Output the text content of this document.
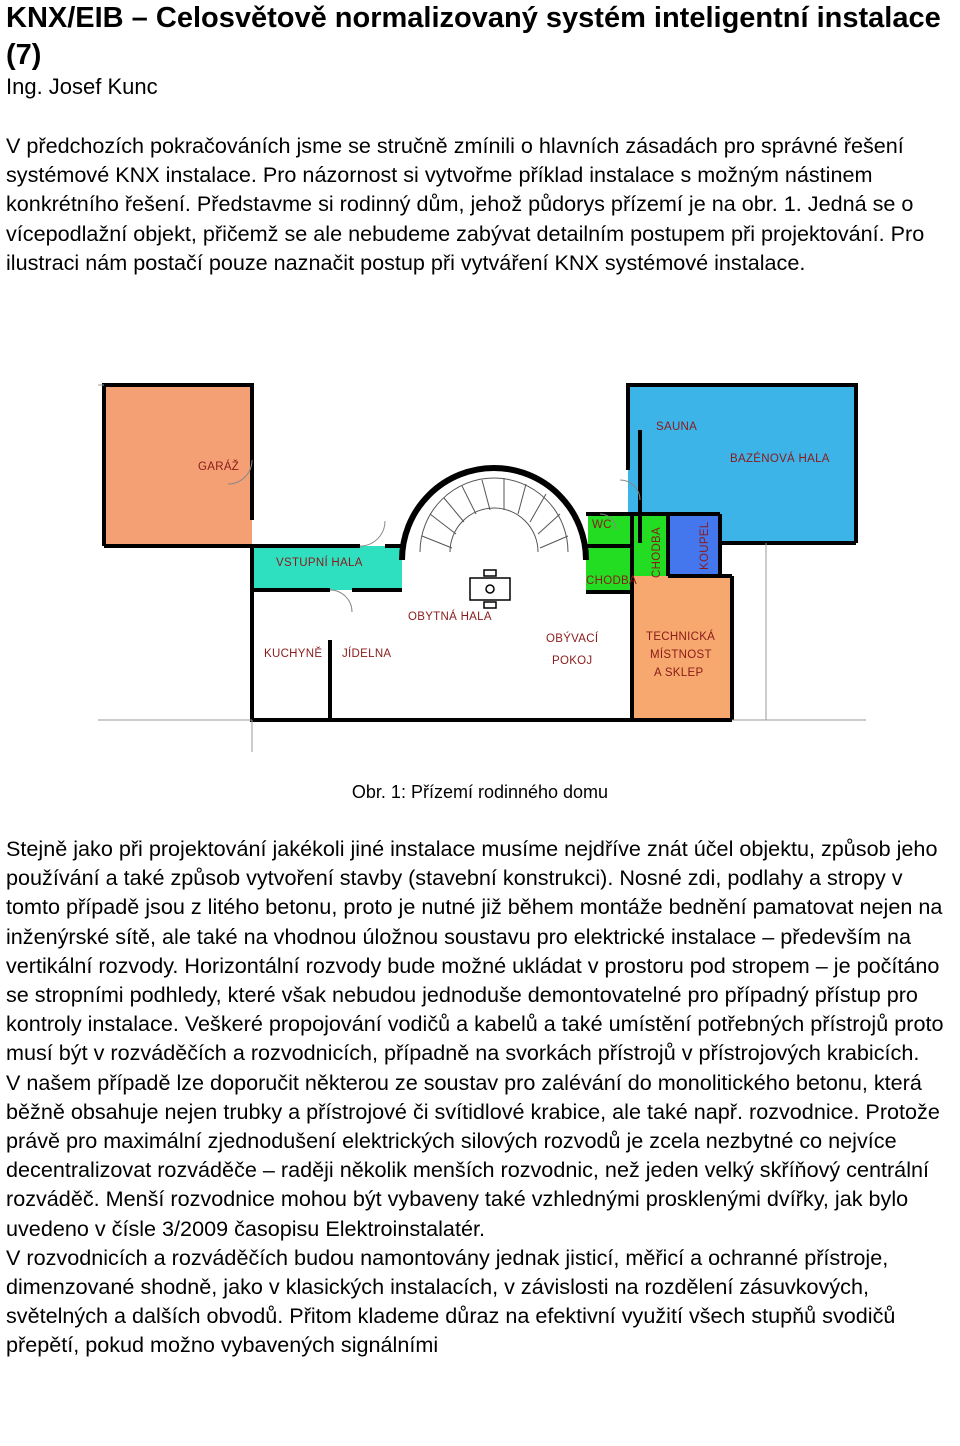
KNX/EIB – Celosvětově normalizovaný systém inteligentní instalace (7)
Ing. Josef Kunc

V předchozích pokračováních jsme se stručně zmínili o hlavních zásadách pro správné řešení systémové KNX instalace. Pro názornost si vytvořme příklad instalace s možným nástinem konkrétního řešení. Představme si rodinný dům, jehož půdorys přízemí je na obr. 1. Jedná se o vícepodlažní objekt, přičemž se ale nebudeme zabývat detailním postupem při projektování. Pro ilustraci nám postačí pouze naznačit postup při vytváření KNX systémové instalace.

GARÁŽ
VSTUPNÍ HALA
SAUNA
BAZÉNOVÁ HALA
WC
CHODBA
CHODBA	KOUPEL
OBYTNÁ HALA
OBÝVACÍ
POKOJ
TECHNICKÁ
MÍSTNOST
A SKLEP
KUCHYNĚ JÍDELNA
Obr. 1: Přízemí rodinného domu

Stejně jako při projektování jakékoli jiné instalace musíme nejdříve znát účel objektu, způsob jeho používání a také způsob vytvoření stavby (stavební konstrukci). Nosné zdi, podlahy a stropy v tomto případě jsou z litého betonu, proto je nutné již během montáže bednění pamatovat nejen na inženýrské sítě, ale také na vhodnou úložnou soustavu pro elektrické instalace – především na vertikální rozvody. Horizontální rozvody bude možné ukládat v prostoru pod stropem – je počítáno se stropními podhledy, které však nebudou jednoduše demontovatelné pro případný přístup pro kontroly instalace. Veškeré propojování vodičů a kabelů a také umístění potřebných přístrojů proto musí být v rozváděčích a rozvodnicích, případně na svorkách přístrojů v přístrojových krabicích.
V našem případě lze doporučit některou ze soustav pro zalévání do monolitického betonu, která běžně obsahuje nejen trubky a přístrojové či svítidlové krabice, ale také např. rozvodnice. Protože právě pro maximální zjednodušení elektrických silových rozvodů je zcela nezbytné co nejvíce decentralizovat rozváděče – raději několik menších rozvodnic, než jeden velký skříňový centrální rozváděč. Menší rozvodnice mohou být vybaveny také vzhlednými prosklenými dvířky, jak bylo uvedeno v čísle 3/2009 časopisu Elektroinstalatér.
V rozvodnicích a rozváděčích budou namontovány jednak jisticí, měřicí a ochranné přístroje, dimenzované shodně, jako v klasických instalacích, v závislosti na rozdělení zásuvkových, světelných a dalších obvodů. Přitom klademe důraz na efektivní využití všech stupňů svodičů přepětí, pokud možno vybavených signálními
